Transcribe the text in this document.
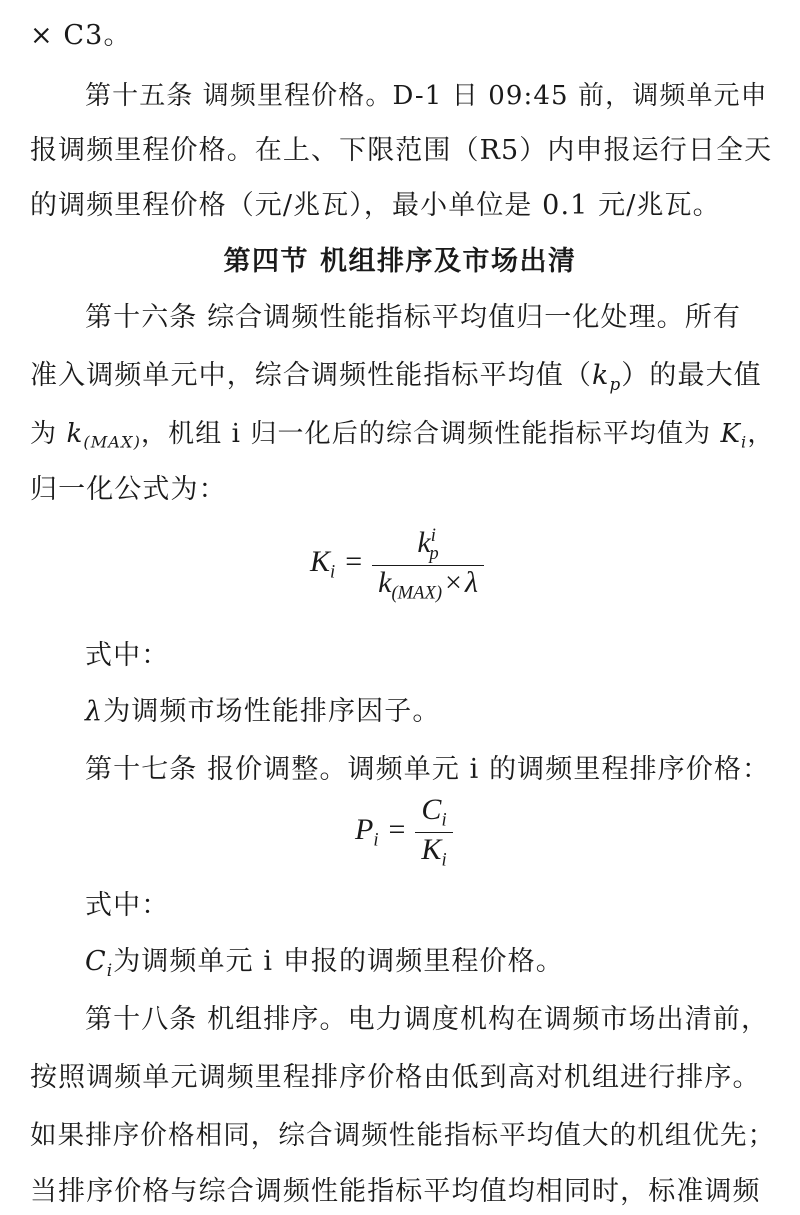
× C3。
第十五条 调频里程价格。D-1 日 09:45 前，调频单元申
报调频里程价格。在上、下限范围（R5）内申报运行日全天
的调频里程价格（元/兆瓦），最小单位是 0.1 元/兆瓦。
第四节 机组排序及市场出清
第十六条 综合调频性能指标平均值归一化处理。所有
准入调频单元中，综合调频性能指标平均值$(k_p)$的最大值
为 $k_{(MAX)}$，机组 i 归一化后的综合调频性能指标平均值为 $K_i$，
归一化公式为：
$K_i = \frac{k^i_p}{k_{(MAX)} \times \lambda}$
式中：
λ为调频市场性能排序因子。
第十七条 报价调整。调频单元 i 的调频里程排序价格：
$P_i = \frac{C_i}{K_i}$
式中：
$C_i$为调频单元 i 申报的调频里程价格。
第十八条 机组排序。电力调度机构在调频市场出清前，
按照调频单元调频里程排序价格由低到高对机组进行排序。
如果排序价格相同，综合调频性能指标平均值大的机组优先；
当排序价格与综合调频性能指标平均值均相同时，标准调频
